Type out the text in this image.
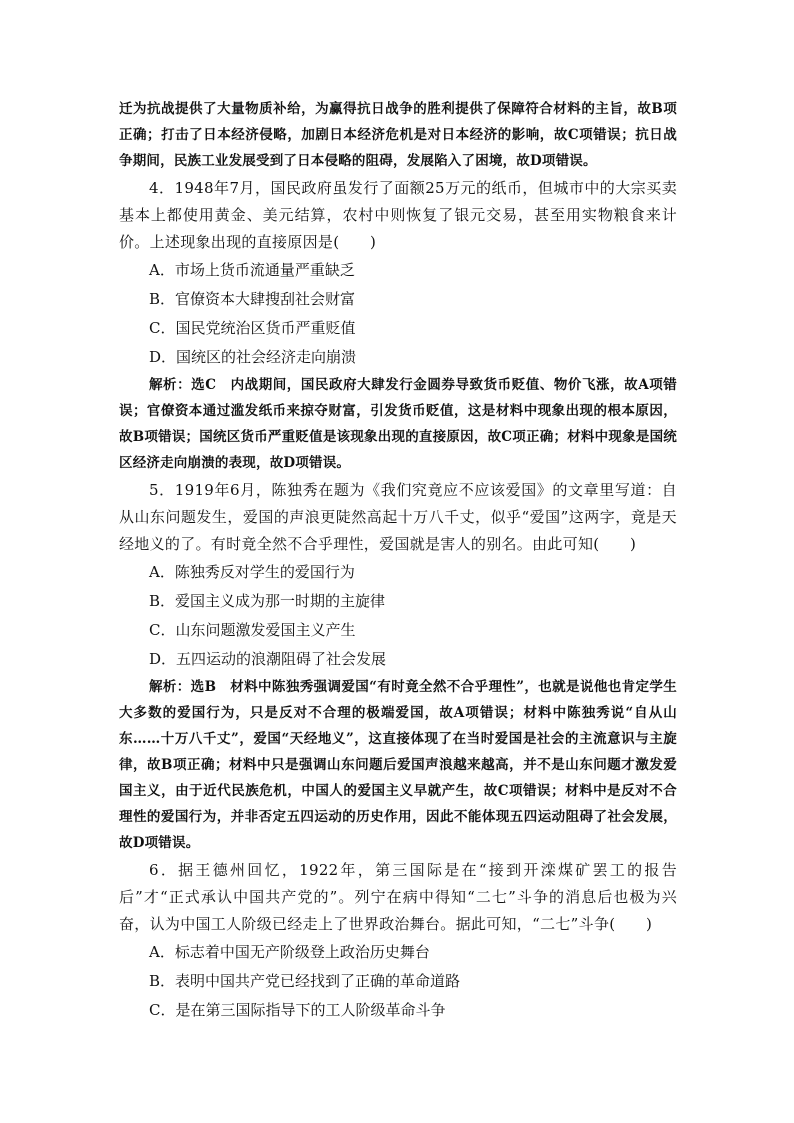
迁为抗战提供了大量物质补给，为赢得抗日战争的胜利提供了保障符合材料的主旨，故B项正确；打击了日本经济侵略，加剧日本经济危机是对日本经济的影响，故C项错误；抗日战争期间，民族工业发展受到了日本侵略的阻碍，发展陷入了困境，故D项错误。

4．1948年7月，国民政府虽发行了面额25万元的纸币，但城市中的大宗买卖基本上都使用黄金、美元结算，农村中则恢复了银元交易，甚至用实物粮食来计价。上述现象出现的直接原因是(　　)

A．市场上货币流通量严重缺乏
B．官僚资本大肆搜刮社会财富
C．国民党统治区货币严重贬值
D．国统区的社会经济走向崩溃

解析：选C　内战期间，国民政府大肆发行金圆券导致货币贬值、物价飞涨，故A项错误；官僚资本通过滥发纸币来掠夺财富，引发货币贬值，这是材料中现象出现的根本原因，故B项错误；国统区货币严重贬值是该现象出现的直接原因，故C项正确；材料中现象是国统区经济走向崩溃的表现，故D项错误。

5．1919年6月，陈独秀在题为《我们究竟应不应该爱国》的文章里写道：自从山东问题发生，爱国的声浪更陡然高起十万八千丈，似乎“爱国”这两字，竟是天经地义的了。有时竟全然不合乎理性，爱国就是害人的别名。由此可知(　　)

A．陈独秀反对学生的爱国行为
B．爱国主义成为那一时期的主旋律
C．山东问题激发爱国主义产生
D．五四运动的浪潮阻碍了社会发展

解析：选B　材料中陈独秀强调爱国“有时竟全然不合乎理性”，也就是说他也肯定学生大多数的爱国行为，只是反对不合理的极端爱国，故A项错误；材料中陈独秀说“自从山东……十万八千丈”，爱国“天经地义”，这直接体现了在当时爱国是社会的主流意识与主旋律，故B项正确；材料中只是强调山东问题后爱国声浪越来越高，并不是山东问题才激发爱国主义，由于近代民族危机，中国人的爱国主义早就产生，故C项错误；材料中是反对不合理性的爱国行为，并非否定五四运动的历史作用，因此不能体现五四运动阻碍了社会发展，故D项错误。

6．据王德州回忆，1922年，第三国际是在“接到开滦煤矿罢工的报告后”才“正式承认中国共产党的”。列宁在病中得知“二七”斗争的消息后也极为兴奋，认为中国工人阶级已经走上了世界政治舞台。据此可知，“二七”斗争(　　)

A．标志着中国无产阶级登上政治历史舞台
B．表明中国共产党已经找到了正确的革命道路
C．是在第三国际指导下的工人阶级革命斗争
